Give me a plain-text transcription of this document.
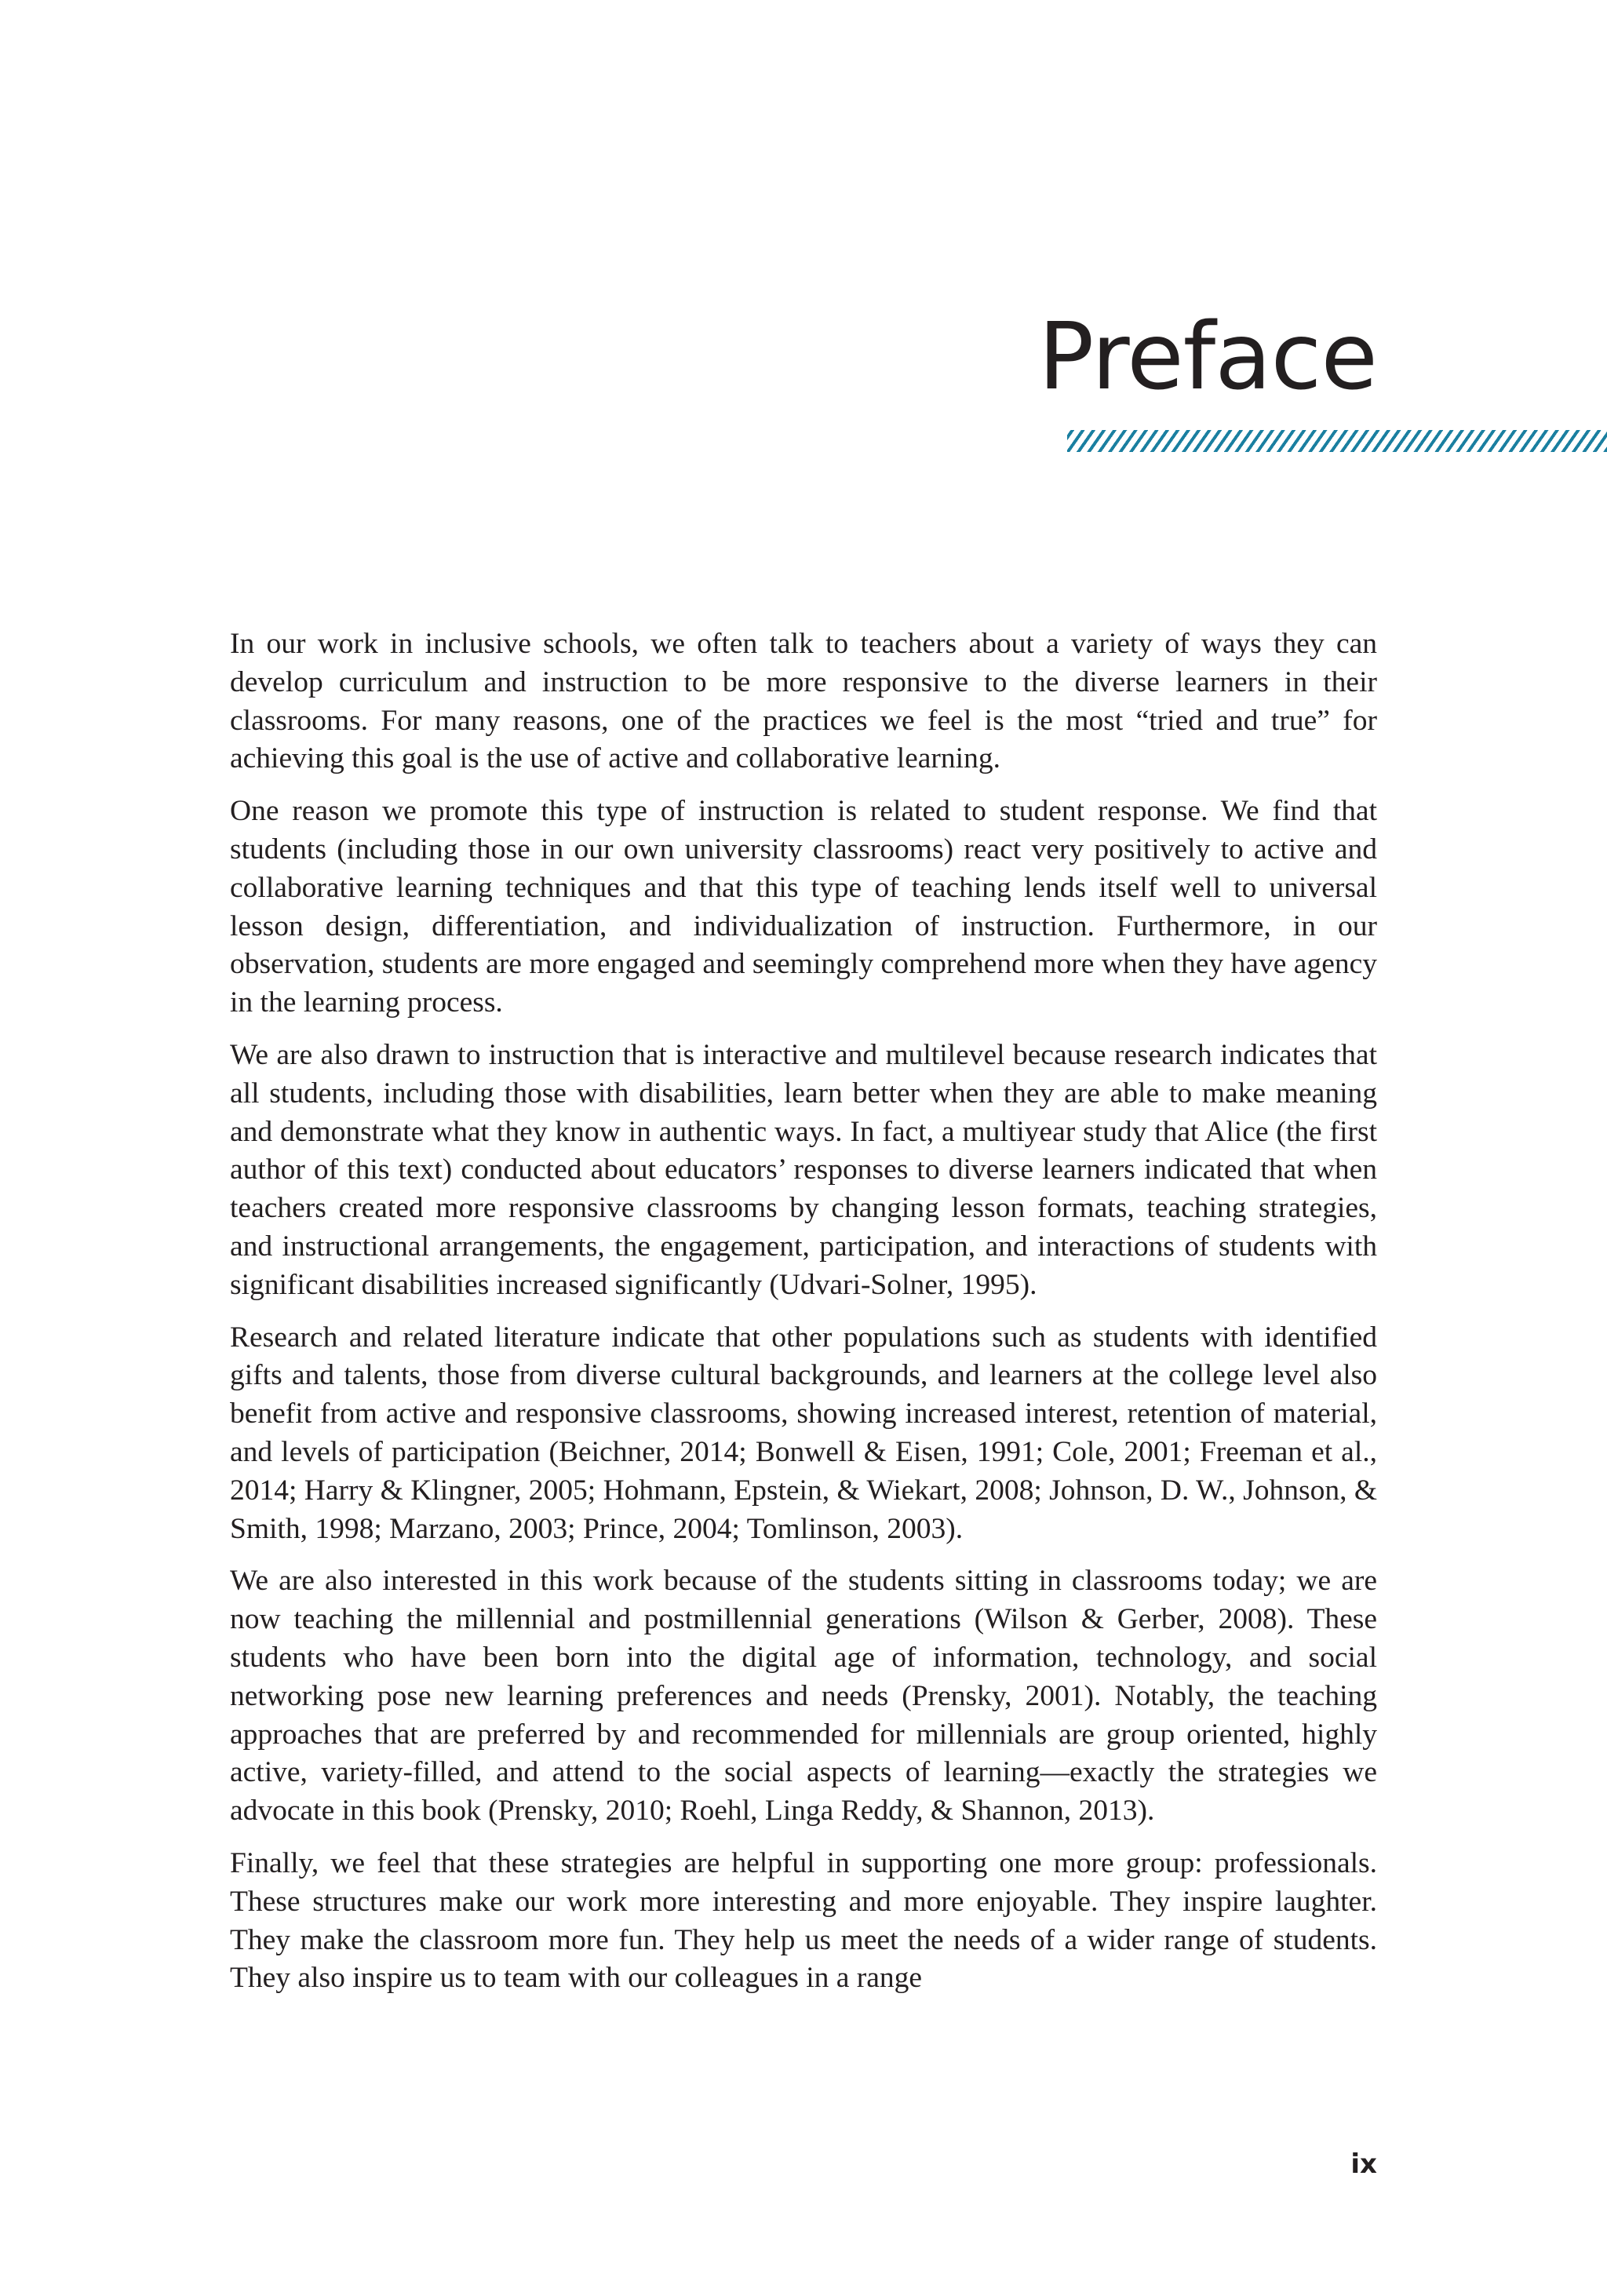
Preface

In our work in inclusive schools, we often talk to teachers about a variety of ways they can develop curriculum and instruction to be more responsive to the diverse learners in their classrooms. For many reasons, one of the practices we feel is the most “tried and true” for achieving this goal is the use of active and collaborative learning.

One reason we promote this type of instruction is related to student response. We find that students (including those in our own university classrooms) react very positively to active and collaborative learning techniques and that this type of teaching lends itself well to universal lesson design, differentiation, and individualization of instruction. Furthermore, in our observation, students are more engaged and seemingly comprehend more when they have agency in the learning process.

We are also drawn to instruction that is interactive and multilevel because research indicates that all students, including those with disabilities, learn better when they are able to make meaning and demonstrate what they know in authentic ways. In fact, a multiyear study that Alice (the first author of this text) conducted about educators’ responses to diverse learners indicated that when teachers created more responsive classrooms by changing lesson formats, teaching strategies, and instructional arrangements, the engagement, participation, and interactions of students with significant disabilities increased significantly (Udvari-Solner, 1995).

Research and related literature indicate that other populations such as students with identified gifts and talents, those from diverse cultural backgrounds, and learners at the college level also benefit from active and responsive classrooms, showing increased interest, retention of material, and levels of participation (Beichner, 2014; Bonwell & Eisen, 1991; Cole, 2001; Freeman et al., 2014; Harry & Klingner, 2005; Hohmann, Epstein, & Wiekart, 2008; Johnson, D. W., Johnson, & Smith, 1998; Marzano, 2003; Prince, 2004; Tomlinson, 2003).

We are also interested in this work because of the students sitting in classrooms today; we are now teaching the millennial and postmillennial generations (Wilson & Gerber, 2008). These students who have been born into the digital age of information, technology, and social networking pose new learning preferences and needs (Prensky, 2001). Notably, the teaching approaches that are preferred by and recommended for millennials are group oriented, highly active, variety-filled, and attend to the social aspects of learning—exactly the strategies we advocate in this book (Prensky, 2010; Roehl, Linga Reddy, & Shannon, 2013).

Finally, we feel that these strategies are helpful in supporting one more group: professionals. These structures make our work more interesting and more enjoyable. They inspire laughter. They make the classroom more fun. They help us meet the needs of a wider range of students. They also inspire us to team with our colleagues in a range

ix
